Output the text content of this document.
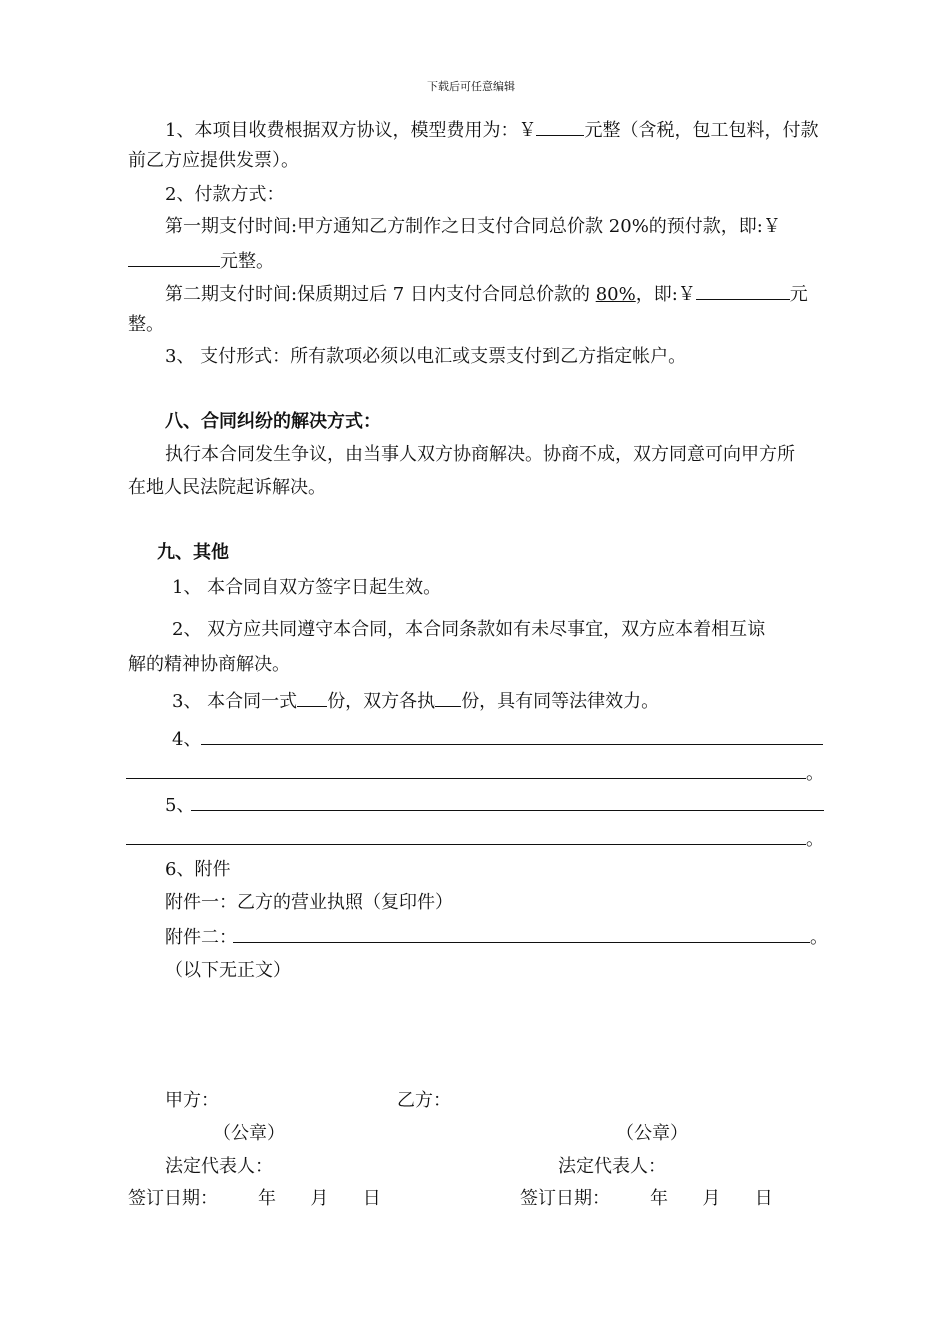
下载后可任意编辑
1、本项目收费根据双方协议，模型费用为：￥	元整（含税，包工包料，付款
前乙方应提供发票）。
2、付款方式：
第一期支付时间:甲方通知乙方制作之日支付合同总价款 20%的预付款，即:￥
元整。
第二期支付时间:保质期过后 7 日内支付合同总价款的 80%，即:￥	元
整。
3、 支付形式：所有款项必须以电汇或支票支付到乙方指定帐户。
八、合同纠纷的解决方式：
执行本合同发生争议，由当事人双方协商解决。协商不成，双方同意可向甲方所
在地人民法院起诉解决。
九、其他
1、 本合同自双方签字日起生效。
2、 双方应共同遵守本合同，本合同条款如有未尽事宜，双方应本着相互谅
解的精神协商解决。
3、 本合同一式 份，双方各执 份，具有同等法律效力。
4、
。
5、
。
6、附件
附件一：乙方的营业执照（复印件）
附件二：	。
（以下无正文）
甲方：	乙方：
（公章）	（公章）
法定代表人：	法定代表人：
签订日期：       年      月      日	签订日期：       年      月      日
